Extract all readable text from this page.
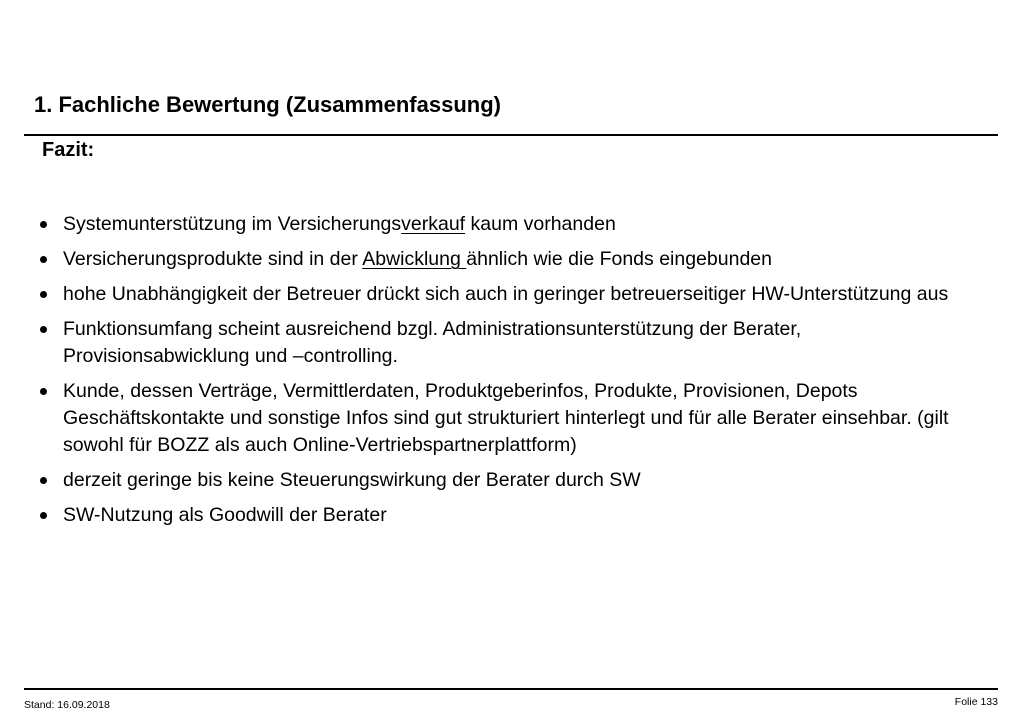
1. Fachliche Bewertung (Zusammenfassung)
Fazit:
Systemunterstützung im Versicherungsverkauf kaum vorhanden
Versicherungsprodukte sind in der Abwicklung ähnlich wie die Fonds eingebunden
hohe Unabhängigkeit der Betreuer drückt sich auch in geringer betreuerseitiger HW-Unterstützung aus
Funktionsumfang scheint ausreichend bzgl. Administrationsunterstützung der Berater, Provisionsabwicklung und –controlling.
Kunde, dessen Verträge, Vermittlerdaten, Produktgeberinfos, Produkte, Provisionen, Depots Geschäftskontakte und sonstige Infos sind gut strukturiert hinterlegt und für alle Berater einsehbar. (gilt sowohl für BOZZ als auch Online-Vertriebspartnerplattform)
derzeit geringe bis keine Steuerungswirkung der Berater durch SW
SW-Nutzung als Goodwill der Berater
Stand: 16.09.2018	Folie 133
